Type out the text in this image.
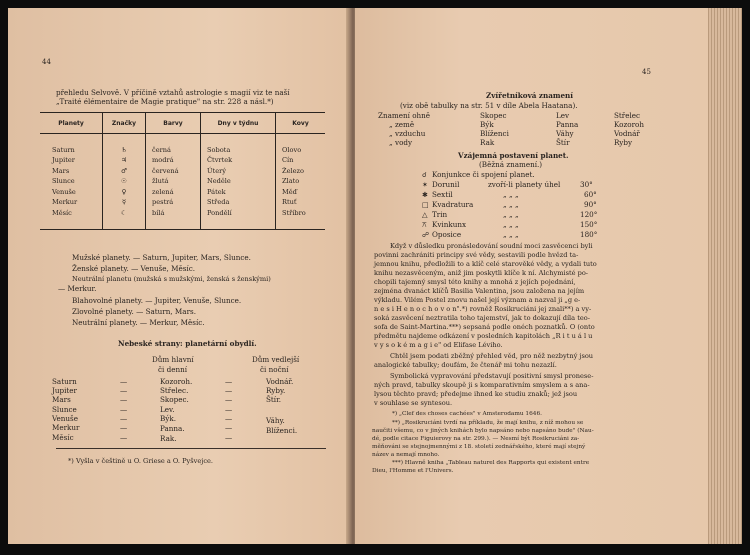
44
přehledu Selvově. V příčině vztahů astrologie s magií viz te naší
„Traité élémentaire de Magie pratique" na str. 228 a násl.*)
Planety	Značky	Barvy	Dny v týdnu	Kovy

Saturn	♄	černá	Sobota	Olovo
Jupiter	♃	modrá	Čtvrtek	Cín
Mars	♂	červená	Úterý	Železo
Slunce	☉	žlutá	Neděle	Zlato
Venuše	♀	zelená	Pátek	Měď
Merkur	☿	pestrá	Středa	Rtuť
Měsíc	☾	bílá	Pondělí	Stříbro

Mužské planety. — Saturn, Jupiter, Mars, Slunce.
Ženské planety. — Venuše, Měsíc.
Neutrální planetu (mužská s mužskými, ženská s ženskými)
— Merkur.
Blahovolné planety. — Jupiter, Venuše, Slunce.
Zlovolné planety. — Saturn, Mars.
Neutrální planety. — Merkur, Měsíc.
Nebeské strany: planetární obydlí.
Dům hlavní
či denní
Dům vedlejší
či noční
Saturn	—	Kozoroh.	—	Vodnář.
Jupiter	—	Střelec.	—	Ryby.
Mars	—	Skopec.	—	Štír.
Slunce	—	Lev.	—
Venuše	—	Býk.	—	Váhy.
Merkur	—	Panna.	—	Blíženci.
Měsíc	—	Rak.	—
*) Vyšla v češtině u O. Griese a O. Pyšvejce.
45
Zvířetníková znamení
(viz obě tabulky na str. 51 v díle Abela Haatana).
Znamení ohně	Skopec	Lev	Střelec
„ země	Býk	Panna	Kozoroh
„ vzduchu	Blíženci	Váhy	Vodnář
„ vody	Rak	Štír	Ryby
Vzájemná postavení planet.
(Běžná znamení.)
☌ Konjunkce či spojení planet.
✶ Dorunil	zvoří-li planety úhel	30°
✱ Sextil	„ „ „	60°
□ Kvadratura	„ „ „	90°
△ Trin	„ „ „	120°
⚻ Kvinkunx	„ „ „	150°
☍ Oposice	„ „ „	180°
Když v důsledku pronásledování soudní moci zasvěcenci byli
povinni zachrániti principy své vědy, sestavili podle hvězd ta-
jemnou knihu, předložili to a klíč celé starověké vědy, a vydali tuto
knihu nezasvěceným, aniž jim poskytli klíče k ní. Alchymisté po-
chopili tajemný smysl této knihy a mnohá z jejích pojednání,
zejména dvanáct klíčů Basilia Valentina, jsou založena na jejím
výkladu. Vilém Postel znovu našel její význam a nazval ji „g e-
n e s i H e n o c h o v o n".*) rovněž Rosikruciáni jej znali**) a vy-
soká zasvěcení neztratila toho tajemství, jak to dokazují díla teo-
sofa de Saint-Martina.***) sepsaná podle onéch poznatků. O (onto
předmětu najdeme odkázení v posledních kapitolách „R i t u á l u
v y s o k é m a g i e" od Elifase Léviho.
Chtěl jsem podati zběžný přehled věd, pro něž nezbytný jsou
analogické tabulky; doufám, že čtenář mi tohu nezazlí.
Symbolická vypravování představují positivní smysl pronese-
ných pravd, tabulky skoupě ji s komparativním smyslem a s ana-
lysou těchto pravd; předejme ihned ke studiu znaků; jež jsou
v souhlase se syntesou.
*) „Clef des choses cachées" v Amsterodamu 1646.
**) „Rosikruciáni tvrdí na příkladu, že mají knihu, z níž mohou se
naučiti všemu, co v jiných knihách bylo napsáno nebo napsáno bude" (Nau-
dé, podle citace Figuierovy na str. 299.). — Nesmí být Rosikruciáni za-
měňováni se stejnojmennými z 18. století zednářského, které mají stejný
název a nemají mnoho.
***) Hlavně kniha „Tableau naturel des Rapports qui existent entre
Dieu, l'Homme et l'Univers.
